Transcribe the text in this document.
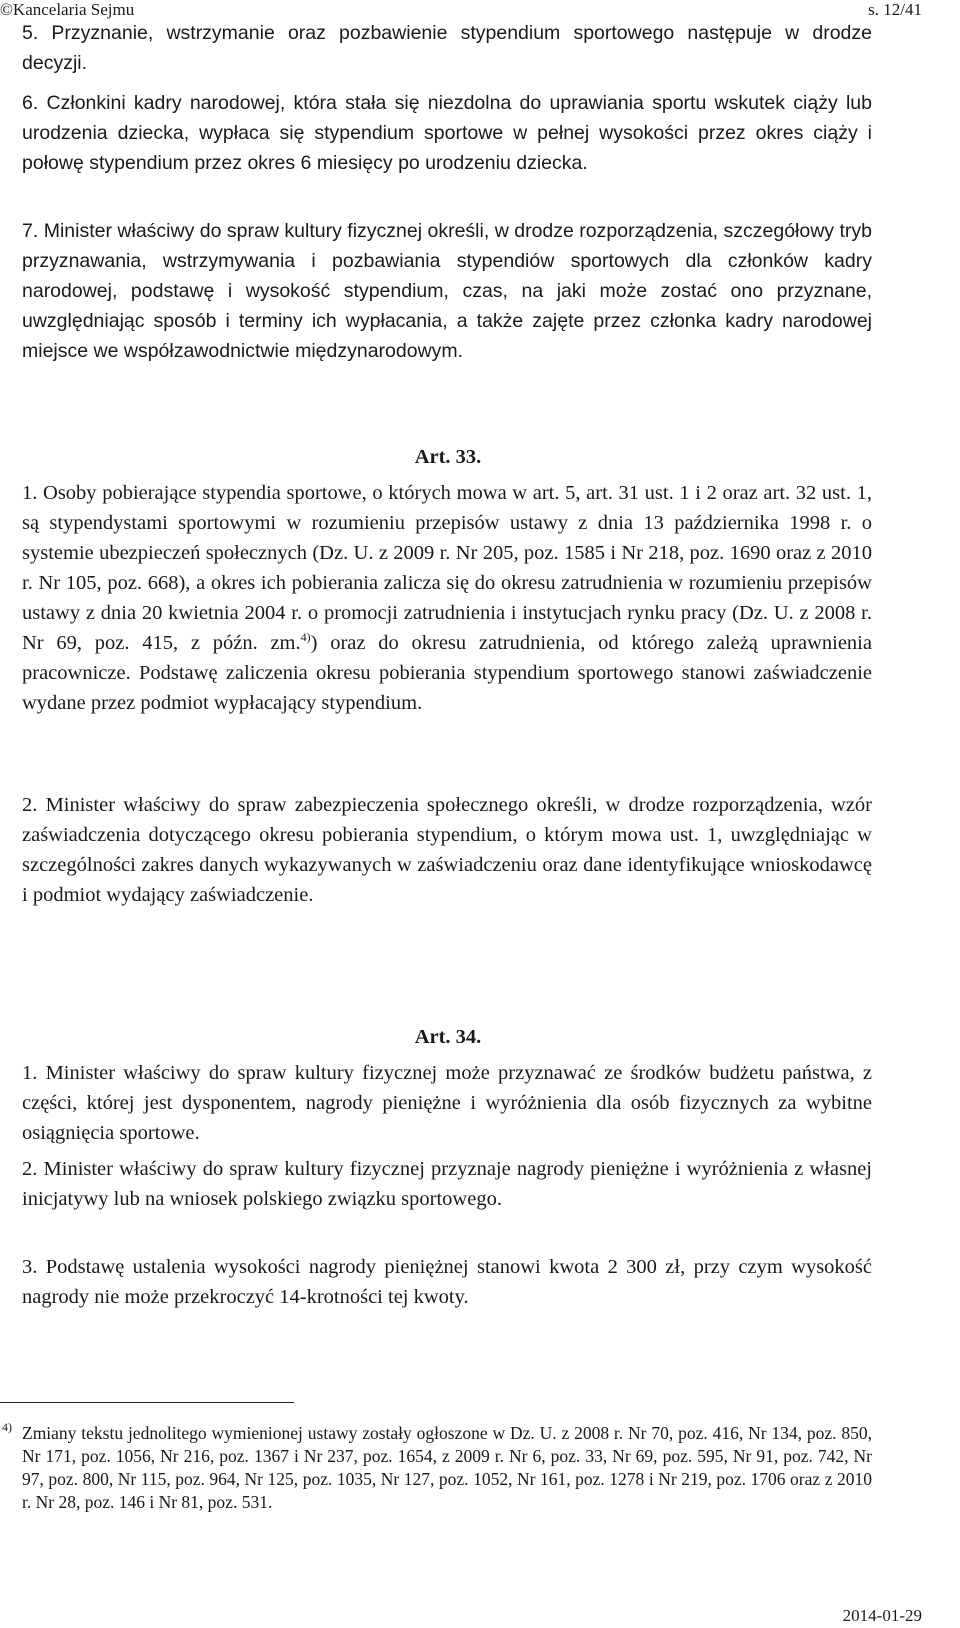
©Kancelaria Sejmu	s. 12/41

5. Przyznanie, wstrzymanie oraz pozbawienie stypendium sportowego następuje w drodze decyzji.

6. Członkini kadry narodowej, która stała się niezdolna do uprawiania sportu wskutek ciąży lub urodzenia dziecka, wypłaca się stypendium sportowe w pełnej wysokości przez okres ciąży i połowę stypendium przez okres 6 miesięcy po urodzeniu dziecka.

7. Minister właściwy do spraw kultury fizycznej określi, w drodze rozporządzenia, szczegółowy tryb przyznawania, wstrzymywania i pozbawiania stypendiów sportowych dla członków kadry narodowej, podstawę i wysokość stypendium, czas, na jaki może zostać ono przyznane, uwzględniając sposób i terminy ich wypłacania, a także zajęte przez członka kadry narodowej miejsce we współzawodnictwie międzynarodowym.

Art. 33.

1. Osoby pobierające stypendia sportowe, o których mowa w art. 5, art. 31 ust. 1 i 2 oraz art. 32 ust. 1, są stypendystami sportowymi w rozumieniu przepisów ustawy z dnia 13 października 1998 r. o systemie ubezpieczeń społecznych (Dz. U. z 2009 r. Nr 205, poz. 1585 i Nr 218, poz. 1690 oraz z 2010 r. Nr 105, poz. 668), a okres ich pobierania zalicza się do okresu zatrudnienia w rozumieniu przepisów ustawy z dnia 20 kwietnia 2004 r. o promocji zatrudnienia i instytucjach rynku pracy (Dz. U. z 2008 r. Nr 69, poz. 415, z późn. zm.$^{4)}$) oraz do okresu zatrudnienia, od którego zależą uprawnienia pracownicze. Podstawę zaliczenia okresu pobierania stypendium sportowego stanowi zaświadczenie wydane przez podmiot wypłacający stypendium.

2. Minister właściwy do spraw zabezpieczenia społecznego określi, w drodze rozporządzenia, wzór zaświadczenia dotyczącego okresu pobierania stypendium, o którym mowa ust. 1, uwzględniając w szczególności zakres danych wykazywanych w zaświadczeniu oraz dane identyfikujące wnioskodawcę i podmiot wydający zaświadczenie.

Art. 34.

1. Minister właściwy do spraw kultury fizycznej może przyznawać ze środków budżetu państwa, z części, której jest dysponentem, nagrody pieniężne i wyróżnienia dla osób fizycznych za wybitne osiągnięcia sportowe.

2. Minister właściwy do spraw kultury fizycznej przyznaje nagrody pieniężne i wyróżnienia z własnej inicjatywy lub na wniosek polskiego związku sportowego.

3. Podstawę ustalenia wysokości nagrody pieniężnej stanowi kwota 2 300 zł, przy czym wysokość nagrody nie może przekroczyć 14-krotności tej kwoty.

4) Zmiany tekstu jednolitego wymienionej ustawy zostały ogłoszone w Dz. U. z 2008 r. Nr 70, poz. 416, Nr 134, poz. 850, Nr 171, poz. 1056, Nr 216, poz. 1367 i Nr 237, poz. 1654, z 2009 r. Nr 6, poz. 33, Nr 69, poz. 595, Nr 91, poz. 742, Nr 97, poz. 800, Nr 115, poz. 964, Nr 125, poz. 1035, Nr 127, poz. 1052, Nr 161, poz. 1278 i Nr 219, poz. 1706 oraz z 2010 r. Nr 28, poz. 146 i Nr 81, poz. 531.

2014-01-29
